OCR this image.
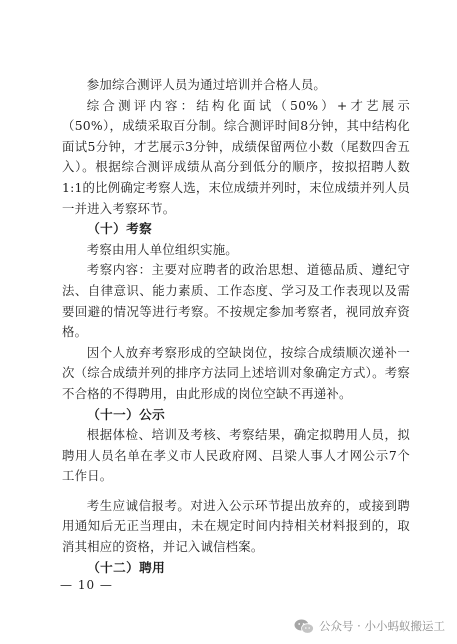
参加综合测评人员为通过培训并合格人员。

综合测评内容：结构化面试（50%）+才艺展示（50%），成绩采取百分制。综合测评时间8分钟，其中结构化面试5分钟，才艺展示3分钟，成绩保留两位小数（尾数四舍五入）。根据综合测评成绩从高分到低分的顺序，按拟招聘人数1:1的比例确定考察人选，末位成绩并列时，末位成绩并列人员一并进入考察环节。

（十）考察

考察由用人单位组织实施。

考察内容：主要对应聘者的政治思想、道德品质、遵纪守法、自律意识、能力素质、工作态度、学习及工作表现以及需要回避的情况等进行考察。不按规定参加考察者，视同放弃资格。

因个人放弃考察形成的空缺岗位，按综合成绩顺次递补一次（综合成绩并列的排序方法同上述培训对象确定方式）。考察不合格的不得聘用，由此形成的岗位空缺不再递补。

（十一）公示

根据体检、培训及考核、考察结果，确定拟聘用人员，拟聘用人员名单在孝义市人民政府网、吕梁人事人才网公示7个工作日。

考生应诚信报考。对进入公示环节提出放弃的，或接到聘用通知后无正当理由，未在规定时间内持相关材料报到的，取消其相应的资格，并记入诚信档案。

（十二）聘用

— 10 —
公众号 · 小小蚂蚁搬运工
